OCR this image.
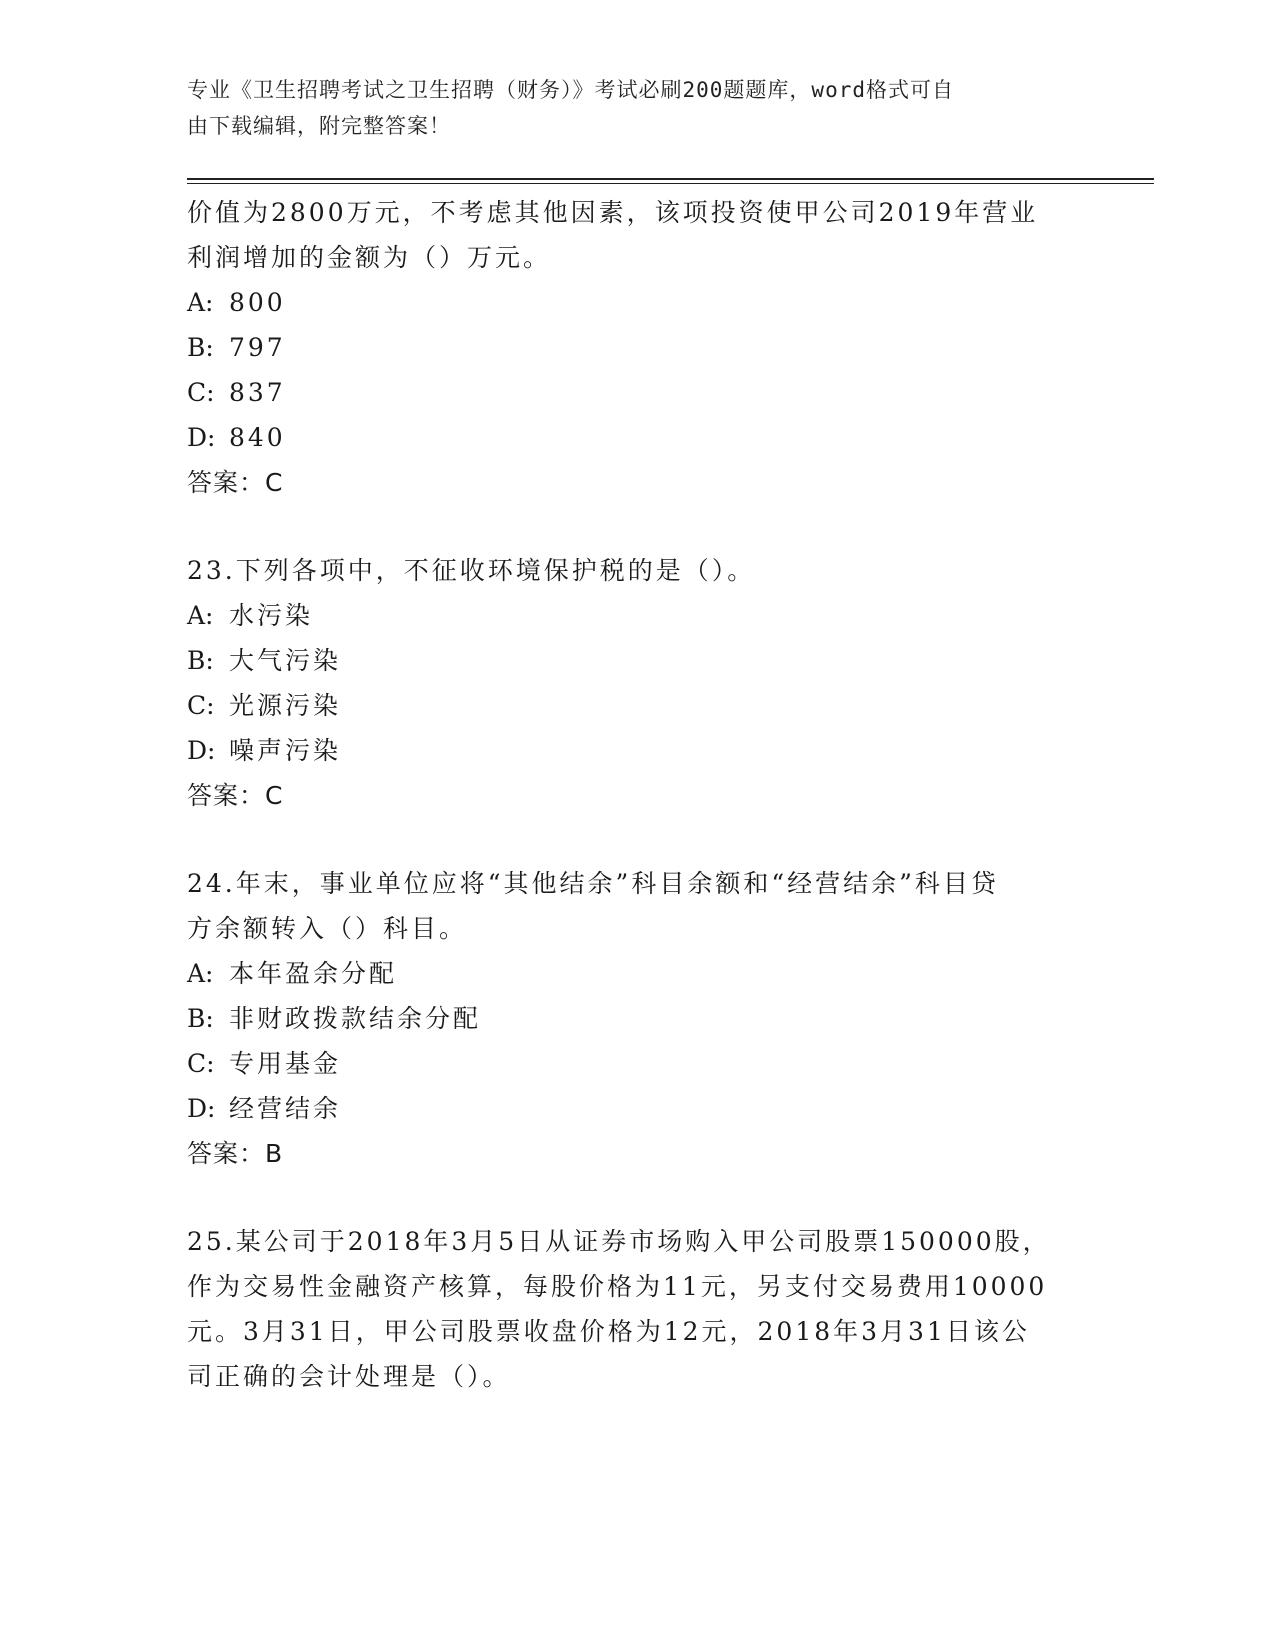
专业《卫生招聘考试之卫生招聘（财务）》考试必刷200题题库，word格式可自
由下载编辑，附完整答案！
价值为2800万元，不考虑其他因素，该项投资使甲公司2019年营业
利润增加的金额为（）万元。
A: 800
B: 797
C: 837
D: 840
答案：C
23.下列各项中，不征收环境保护税的是（）。
A: 水污染
B: 大气污染
C: 光源污染
D: 噪声污染
答案：C
24.年末，事业单位应将“其他结余”科目余额和“经营结余”科目贷
方余额转入（）科目。
A: 本年盈余分配
B: 非财政拨款结余分配
C: 专用基金
D: 经营结余
答案：B
25.某公司于2018年3月5日从证券市场购入甲公司股票150000股，
作为交易性金融资产核算，每股价格为11元，另支付交易费用10000
元。3月31日，甲公司股票收盘价格为12元，2018年3月31日该公
司正确的会计处理是（）。
